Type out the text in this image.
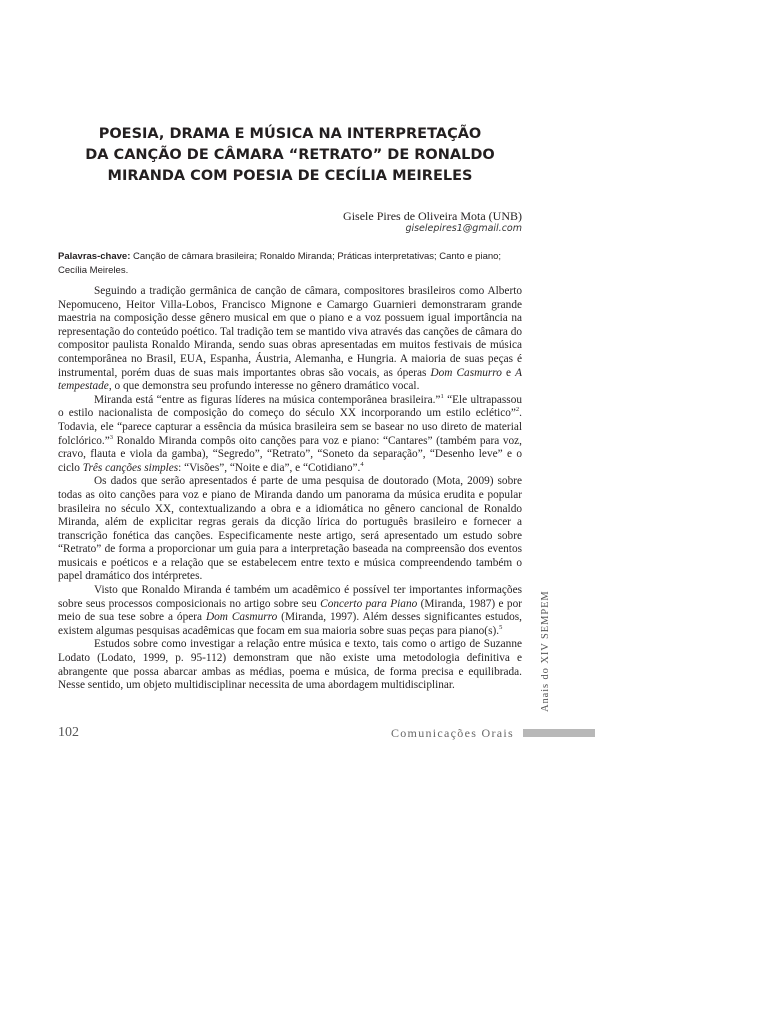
POESIA, DRAMA E MÚSICA NA INTERPRETAÇÃO
DA CANÇÃO DE CÂMARA “RETRATO” DE RONALDO
MIRANDA COM POESIA DE CECÍLIA MEIRELES
Gisele Pires de Oliveira Mota (UNB)
giselepires1@gmail.com

Palavras-chave: Canção de câmara brasileira; Ronaldo Miranda; Práticas interpretativas; Canto e piano; Cecília Meireles.

Seguindo a tradição germânica de canção de câmara, compositores brasileiros como Alberto Nepomuceno, Heitor Villa-Lobos, Francisco Mignone e Camargo Guarnieri demonstraram grande maestria na composição desse gênero musical em que o piano e a voz possuem igual importância na representação do conteúdo poético. Tal tradição tem se mantido viva através das canções de câmara do compositor paulista Ronaldo Miranda, sendo suas obras apresentadas em muitos festivais de música contemporânea no Brasil, EUA, Espanha, Áustria, Alemanha, e Hungria. A maioria de suas peças é instrumental, porém duas de suas mais importantes obras são vocais, as óperas Dom Casmurro e A tempestade, o que demonstra seu profundo interesse no gênero dramático vocal.

Miranda está “entre as figuras líderes na música contemporânea brasileira.”$^1$ “Ele ultrapassou o estilo nacionalista de composição do começo do século XX incorporando um estilo eclético”$^2$. Todavia, ele “parece capturar a essência da música brasileira sem se basear no uso direto de material folclórico.”$^3$ Ronaldo Miranda compôs oito canções para voz e piano: “Cantares” (também para voz, cravo, flauta e viola da gamba), “Segredo”, “Retrato”, “Soneto da separação”, “Desenho leve” e o ciclo Três canções simples: “Visões”, “Noite e dia”, e “Cotidiano”.$^4$

Os dados que serão apresentados é parte de uma pesquisa de doutorado (Mota, 2009) sobre todas as oito canções para voz e piano de Miranda dando um panorama da música erudita e popular brasileira no século XX, contextualizando a obra e a idiomática no gênero cancional de Ronaldo Miranda, além de explicitar regras gerais da dicção lírica do português brasileiro e fornecer a transcrição fonética das canções. Especificamente neste artigo, será apresentado um estudo sobre “Retrato” de forma a proporcionar um guia para a interpretação baseada na compreensão dos eventos musicais e poéticos e a relação que se estabelecem entre texto e música compreendendo também o papel dramático dos intérpretes.

Visto que Ronaldo Miranda é também um acadêmico é possível ter importantes informações sobre seus processos composicionais no artigo sobre seu Concerto para Piano (Miranda, 1987) e por meio de sua tese sobre a ópera Dom Casmurro (Miranda, 1997). Além desses significantes estudos, existem algumas pesquisas acadêmicas que focam em sua maioria sobre suas peças para piano(s).$^5$

Estudos sobre como investigar a relação entre música e texto, tais como o artigo de Suzanne Lodato (Lodato, 1999, p. 95-112) demonstram que não existe uma metodologia definitiva e abrangente que possa abarcar ambas as médias, poema e música, de forma precisa e equilibrada. Nesse sentido, um objeto multidisciplinar necessita de uma abordagem multidisciplinar.	Anais do XIV SEMPEM
102	Comunicações Orais
